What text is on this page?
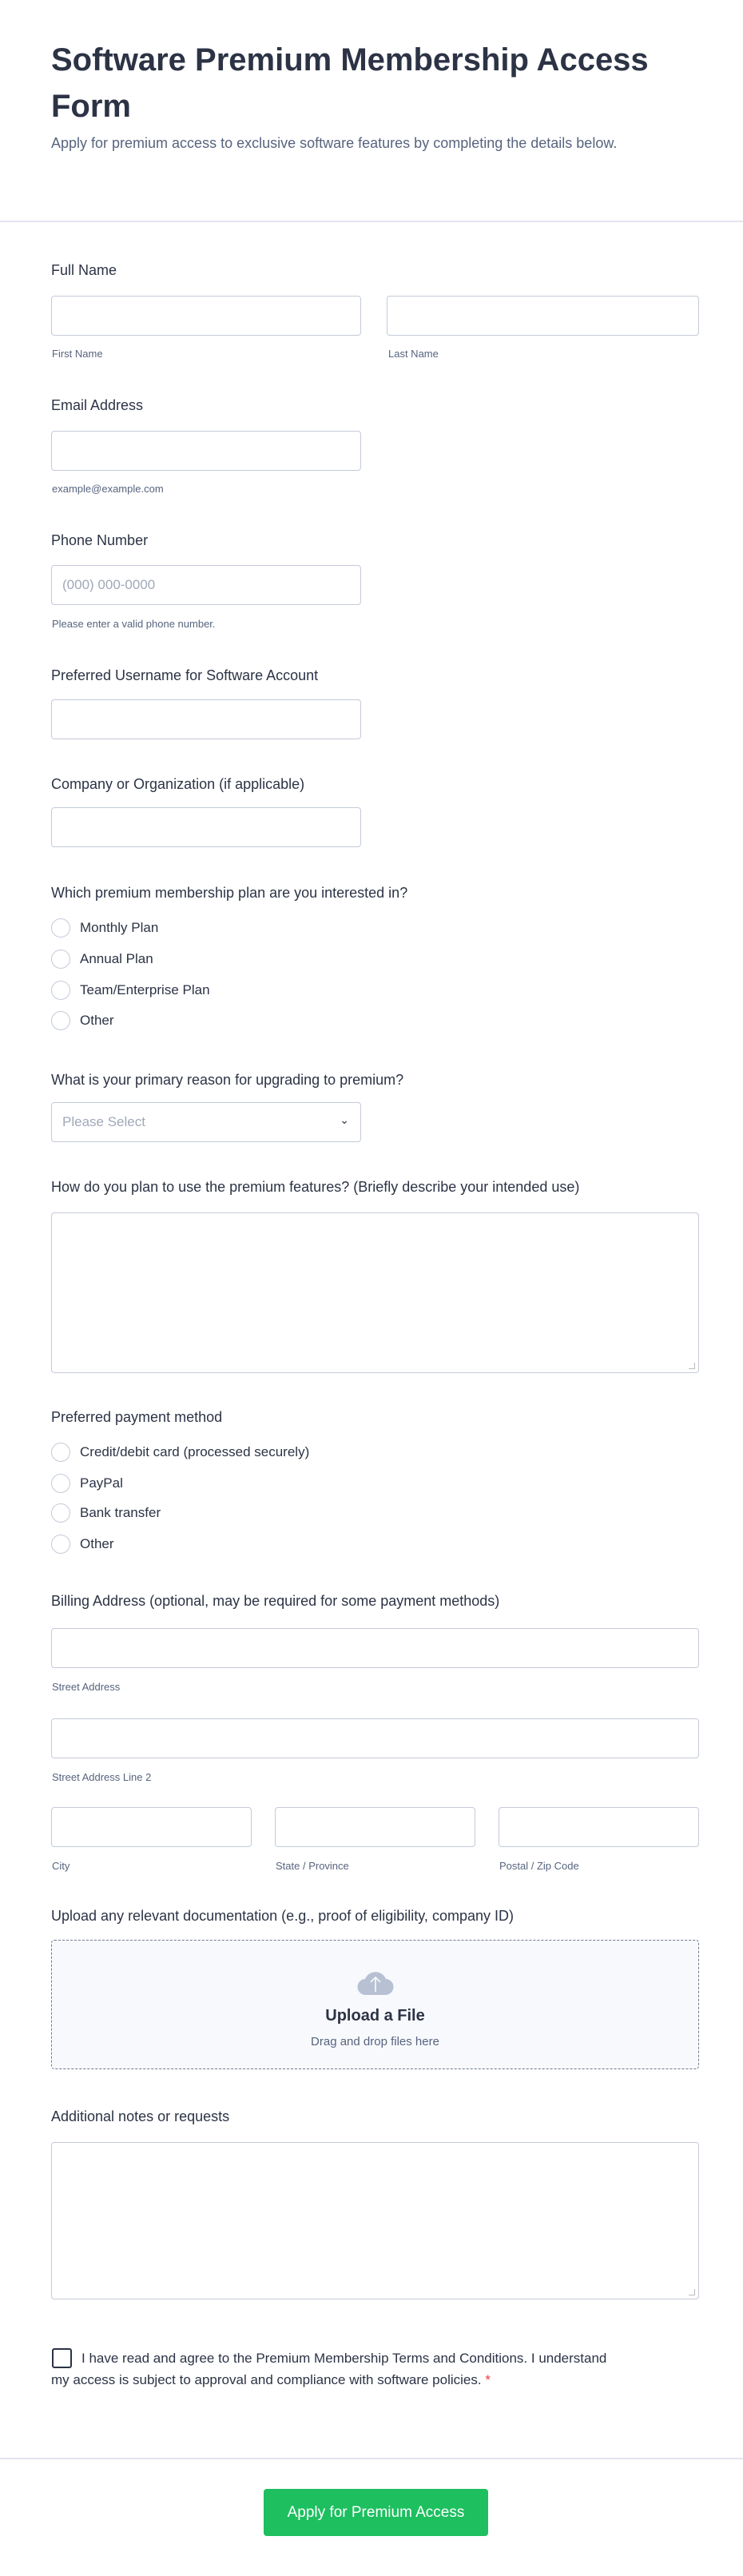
Software Premium Membership Access Form

Apply for premium access to exclusive software features by completing the details below.

Full Name
First Name	Last Name
Email Address
example@example.com
Phone Number
(000) 000-0000
Please enter a valid phone number.
Preferred Username for Software Account
Company or Organization (if applicable)
Which premium membership plan are you interested in?
Monthly Plan
Annual Plan
Team/Enterprise Plan
Other
What is your primary reason for upgrading to premium?
Please Select	⌄
How do you plan to use the premium features? (Briefly describe your intended use)
Preferred payment method
Credit/debit card (processed securely)
PayPal
Bank transfer
Other
Billing Address (optional, may be required for some payment methods)
Street Address
Street Address Line 2
City	State / Province	Postal / Zip Code
Upload any relevant documentation (e.g., proof of eligibility, company ID)
Upload a File
Drag and drop files here
Additional notes or requests
I have read and agree to the Premium Membership Terms and Conditions. I understand my access is subject to approval and compliance with software policies. *
Apply for Premium Access
